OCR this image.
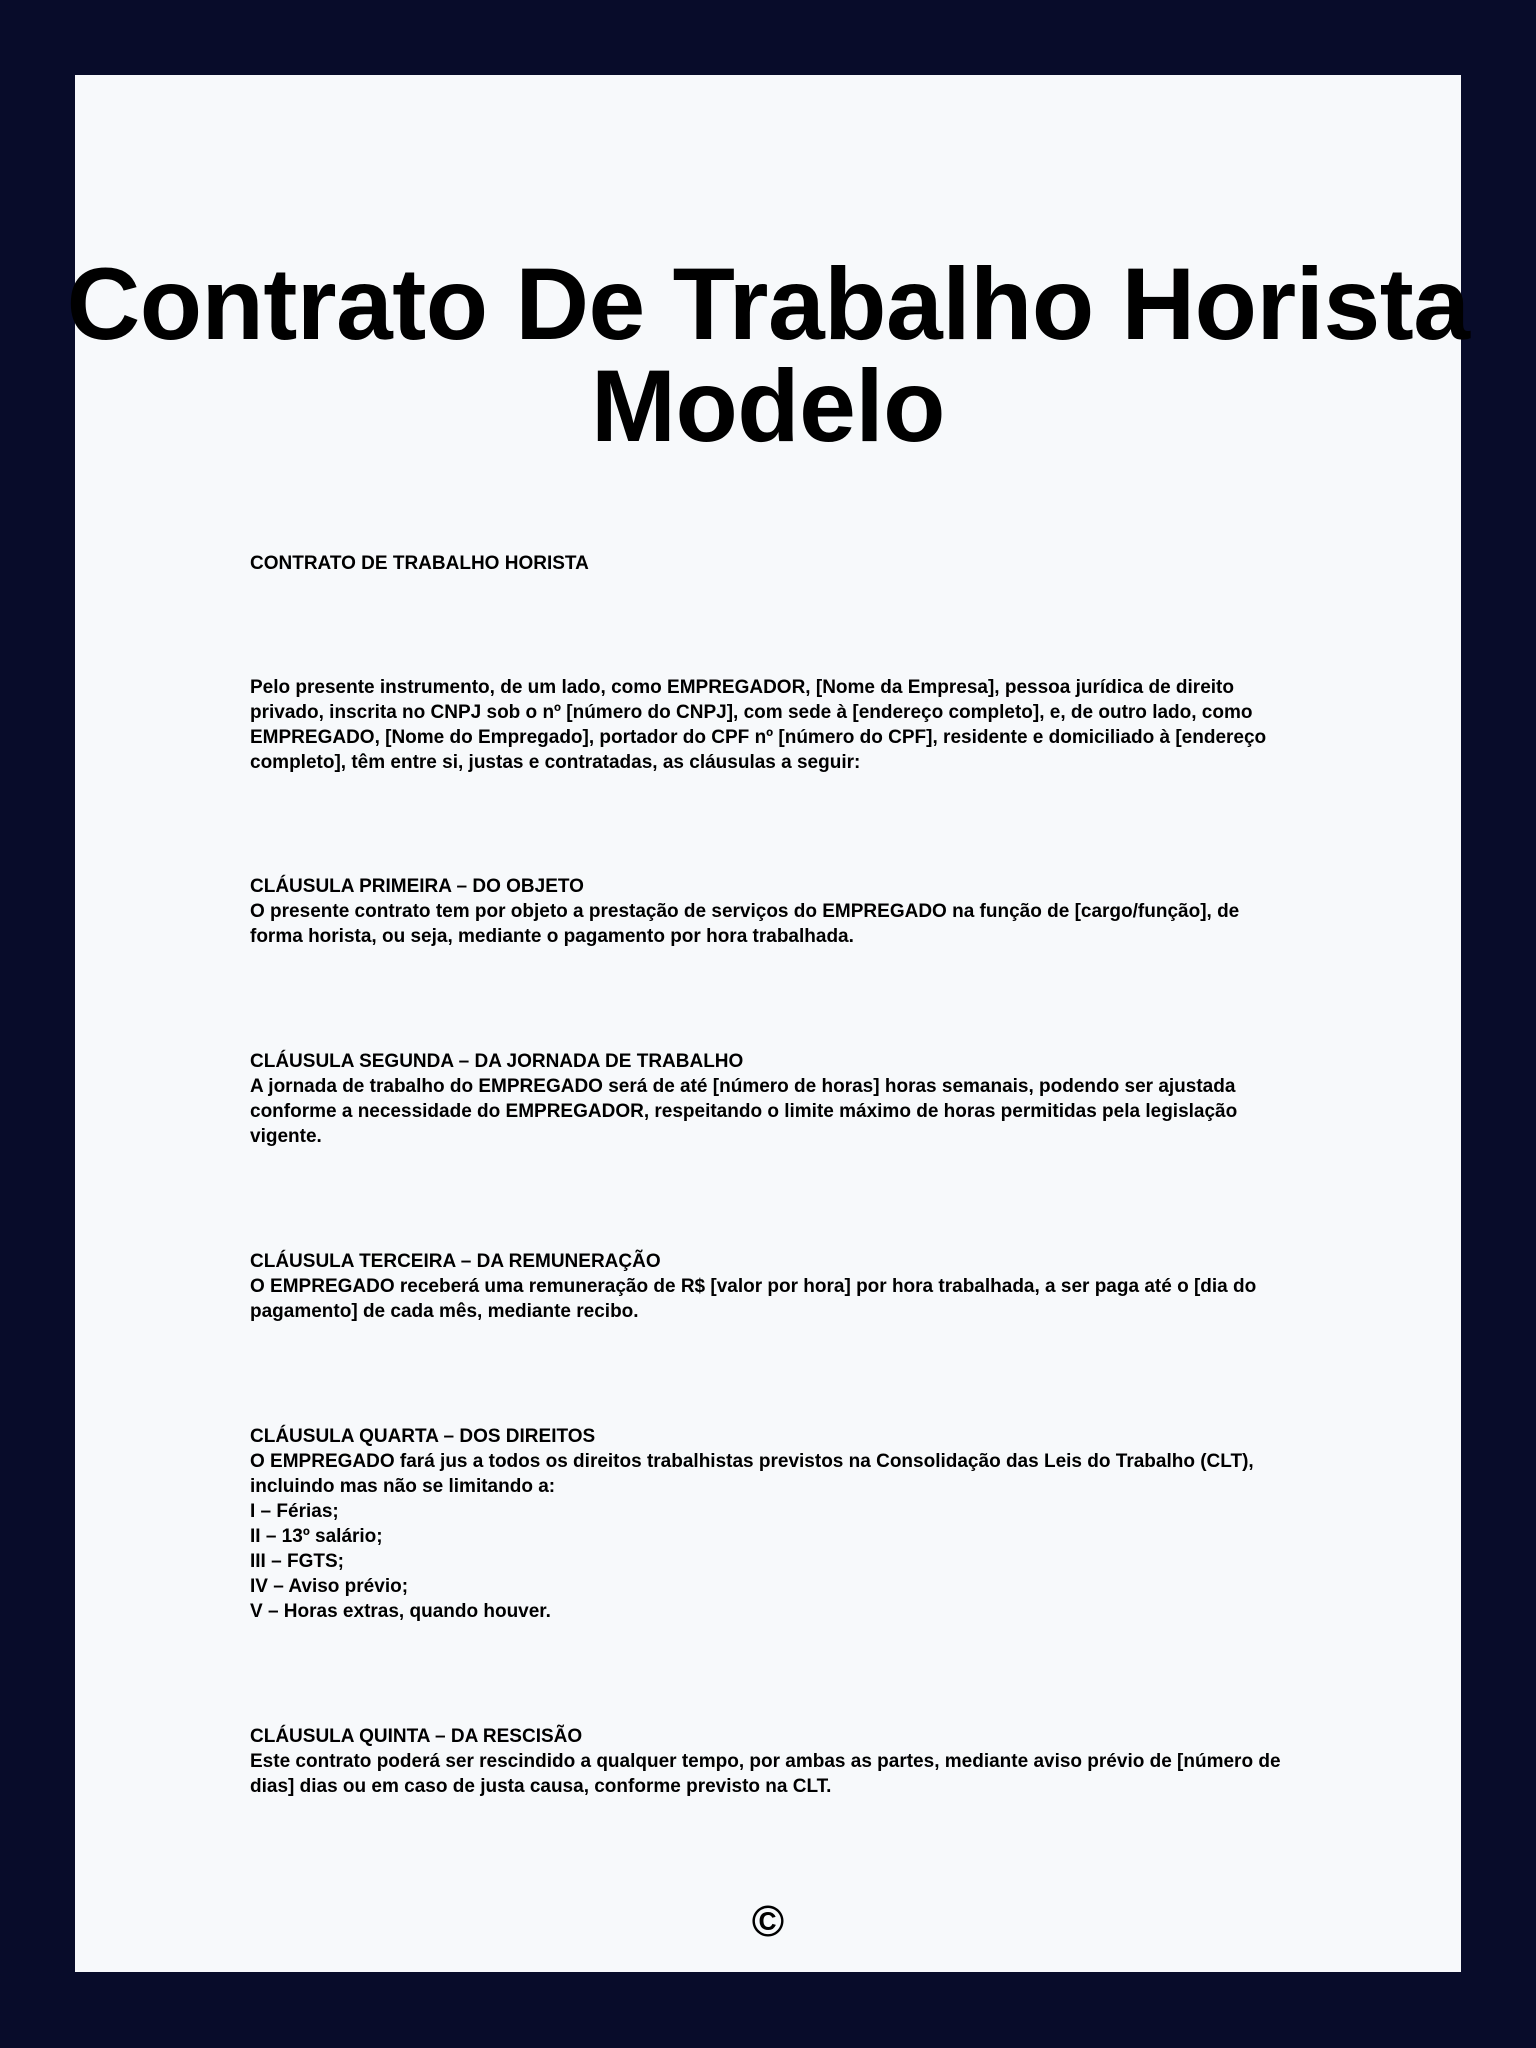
Contrato De Trabalho Horista Modelo

CONTRATO DE TRABALHO HORISTA

Pelo presente instrumento, de um lado, como EMPREGADOR, [Nome da Empresa], pessoa jurídica de direito privado, inscrita no CNPJ sob o nº [número do CNPJ], com sede à [endereço completo], e, de outro lado, como EMPREGADO, [Nome do Empregado], portador do CPF nº [número do CPF], residente e domiciliado à [endereço completo], têm entre si, justas e contratadas, as cláusulas a seguir:

CLÁUSULA PRIMEIRA – DO OBJETO
O presente contrato tem por objeto a prestação de serviços do EMPREGADO na função de [cargo/função], de forma horista, ou seja, mediante o pagamento por hora trabalhada.
CLÁUSULA SEGUNDA – DA JORNADA DE TRABALHO
A jornada de trabalho do EMPREGADO será de até [número de horas] horas semanais, podendo ser ajustada conforme a necessidade do EMPREGADOR, respeitando o limite máximo de horas permitidas pela legislação vigente.
CLÁUSULA TERCEIRA – DA REMUNERAÇÃO
O EMPREGADO receberá uma remuneração de R$ [valor por hora] por hora trabalhada, a ser paga até o [dia do pagamento] de cada mês, mediante recibo.
CLÁUSULA QUARTA – DOS DIREITOS
O EMPREGADO fará jus a todos os direitos trabalhistas previstos na Consolidação das Leis do Trabalho (CLT), incluindo mas não se limitando a:
I – Férias;
II – 13º salário;
III – FGTS;
IV – Aviso prévio;
V – Horas extras, quando houver.
CLÁUSULA QUINTA – DA RESCISÃO
Este contrato poderá ser rescindido a qualquer tempo, por ambas as partes, mediante aviso prévio de [número de dias] dias ou em caso de justa causa, conforme previsto na CLT.
©
